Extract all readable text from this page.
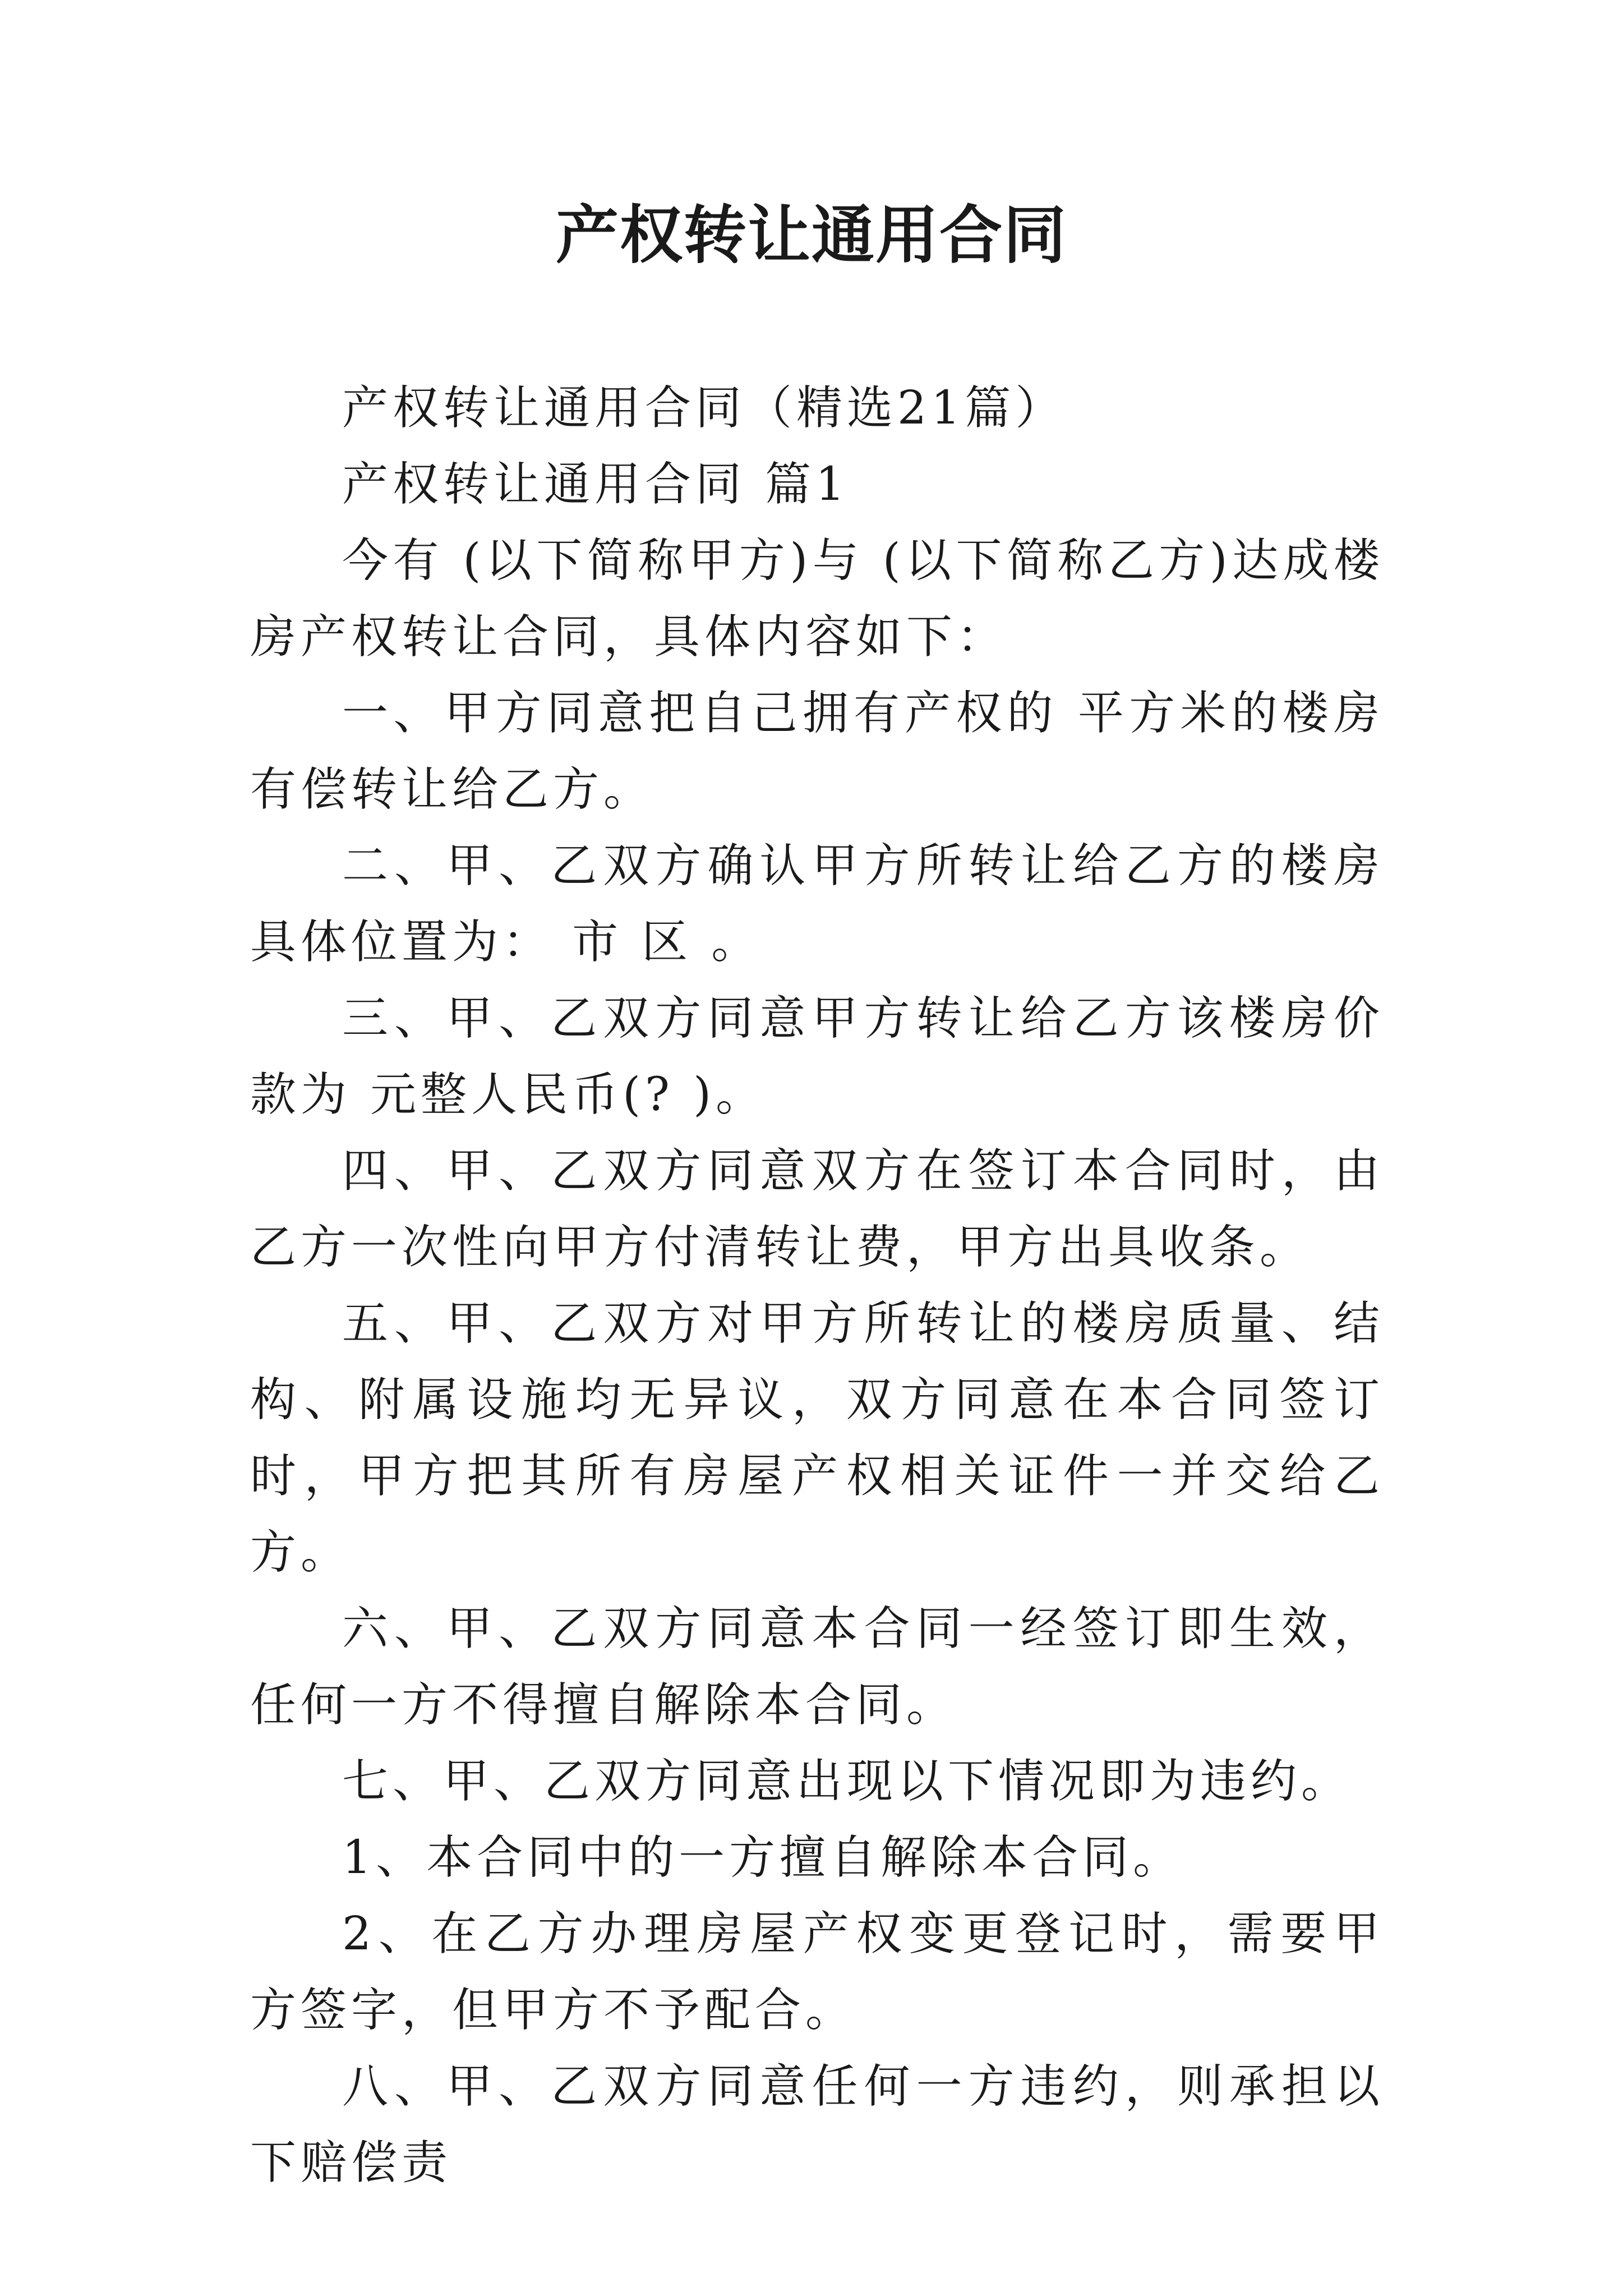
产权转让通用合同

产权转让通用合同（精选21篇）

产权转让通用合同 篇1

今有 (以下简称甲方)与 (以下简称乙方)达成楼房产权转让合同，具体内容如下：

一、甲方同意把自己拥有产权的 平方米的楼房有偿转让给乙方。

二、甲、乙双方确认甲方所转让给乙方的楼房具体位置为： 市 区 。

三、甲、乙双方同意甲方转让给乙方该楼房价款为 元整人民币(? )。

四、甲、乙双方同意双方在签订本合同时，由乙方一次性向甲方付清转让费，甲方出具收条。

五、甲、乙双方对甲方所转让的楼房质量、结构、附属设施均无异议，双方同意在本合同签订时，甲方把其所有房屋产权相关证件一并交给乙方。

六、甲、乙双方同意本合同一经签订即生效，任何一方不得擅自解除本合同。

七、甲、乙双方同意出现以下情况即为违约。

1、本合同中的一方擅自解除本合同。

2、在乙方办理房屋产权变更登记时，需要甲方签字，但甲方不予配合。

八、甲、乙双方同意任何一方违约，则承担以下赔偿责
